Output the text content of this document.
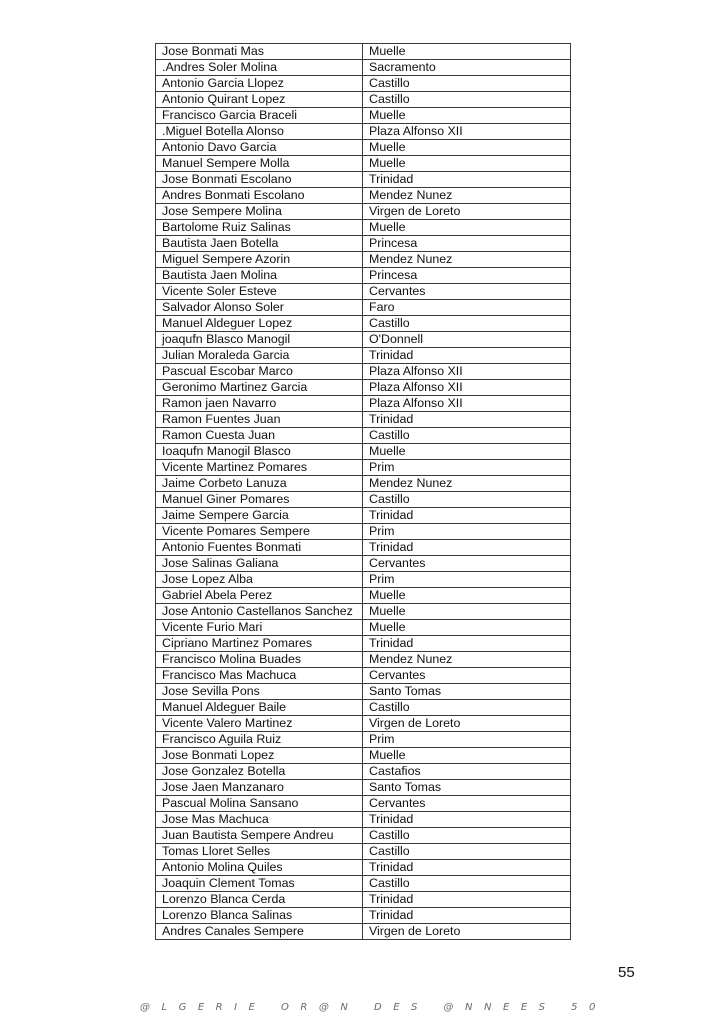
Jose Bonmati Mas	Muelle
.Andres Soler Molina	Sacramento
Antonio Garcia Llopez	Castillo
Antonio Quirant Lopez	Castillo
Francisco Garcia Braceli	Muelle
.Miguel Botella Alonso	Plaza Alfonso XII
Antonio Davo Garcia	Muelle
Manuel Sempere Molla	Muelle
Jose Bonmati Escolano	Trinidad
Andres Bonmati Escolano	Mendez Nunez
Jose Sempere Molina	Virgen de Loreto
Bartolome Ruiz Salinas	Muelle
Bautista Jaen Botella	Princesa
Miguel Sempere Azorin	Mendez Nunez
Bautista Jaen Molina	Princesa
Vicente Soler Esteve	Cervantes
Salvador Alonso Soler	Faro
Manuel Aldeguer Lopez	Castillo
joaqufn Blasco Manogil	O'Donnell
Julian Moraleda Garcia	Trinidad
Pascual Escobar Marco	Plaza Alfonso XII
Geronimo Martinez Garcia	Plaza Alfonso XII
Ramon jaen Navarro	Plaza Alfonso XII
Ramon Fuentes Juan	Trinidad
Ramon Cuesta Juan	Castillo
Ioaqufn Manogil Blasco	Muelle
Vicente Martinez Pomares	Prim
Jaime Corbeto Lanuza	Mendez Nunez
Manuel Giner Pomares	Castillo
Jaime Sempere Garcia	Trinidad
Vicente Pomares Sempere	Prim
Antonio Fuentes Bonmati	Trinidad
Jose Salinas Galiana	Cervantes
Jose Lopez Alba	Prim
Gabriel Abela Perez	Muelle
Jose Antonio Castellanos Sanchez	Muelle
Vicente Furio Mari	Muelle
Cipriano Martinez Pomares	Trinidad
Francisco Molina Buades	Mendez Nunez
Francisco Mas Machuca	Cervantes
Jose Sevilla Pons	Santo Tomas
Manuel Aldeguer Baile	Castillo
Vicente Valero Martinez	Virgen de Loreto
Francisco Aguila Ruiz	Prim
Jose Bonmati Lopez	Muelle
Jose Gonzalez Botella	Castafios
Jose Jaen Manzanaro	Santo Tomas
Pascual Molina Sansano	Cervantes
Jose Mas Machuca	Trinidad
Juan Bautista Sempere Andreu	Castillo
Tomas Lloret Selles	Castillo
Antonio Molina Quiles	Trinidad
Joaquin Clement Tomas	Castillo
Lorenzo Blanca Cerda	Trinidad
Lorenzo Blanca Salinas	Trinidad
Andres Canales Sempere	Virgen de Loreto
55
@LGERIE OR@N DES @NNEES 50
